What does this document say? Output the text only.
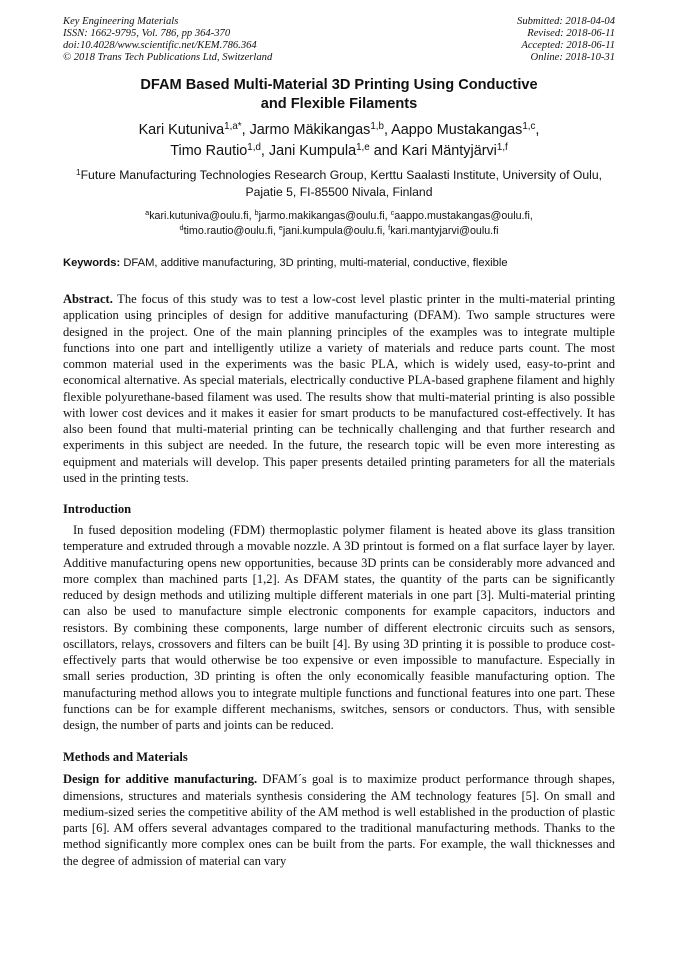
Key Engineering Materials
ISSN: 1662-9795, Vol. 786, pp 364-370
doi:10.4028/www.scientific.net/KEM.786.364
© 2018 Trans Tech Publications Ltd, Switzerland
Submitted: 2018-04-04
Revised: 2018-06-11
Accepted: 2018-06-11
Online: 2018-10-31
DFAM Based Multi-Material 3D Printing Using Conductive
and Flexible Filaments
Kari Kutuniva$^{1,a*}$, Jarmo Mäkikangas$^{1,b}$, Aappo Mustakangas$^{1,c}$,
Timo Rautio$^{1,d}$, Jani Kumpula$^{1,e}$ and Kari Mäntyjärvi$^{1,f}$
$^1$Future Manufacturing Technologies Research Group, Kerttu Saalasti Institute, University of Oulu,
Pajatie 5, FI-85500 Nivala, Finland
$^a$kari.kutuniva@oulu.fi, $^b$jarmo.makikangas@oulu.fi, $^c$aappo.mustakangas@oulu.fi,
$^d$timo.rautio@oulu.fi, $^e$jani.kumpula@oulu.fi, $^f$kari.mantyjarvi@oulu.fi
Keywords: DFAM, additive manufacturing, 3D printing, multi-material, conductive, flexible

Abstract. The focus of this study was to test a low-cost level plastic printer in the multi-material printing application using principles of design for additive manufacturing (DFAM). Two sample structures were designed in the project. One of the main planning principles of the examples was to integrate multiple functions into one part and intelligently utilize a variety of materials and reduce parts count. The most common material used in the experiments was the basic PLA, which is widely used, easy-to-print and economical alternative. As special materials, electrically conductive PLA-based graphene filament and highly flexible polyurethane-based filament was used. The results show that multi-material printing is also possible with lower cost devices and it makes it easier for smart products to be manufactured cost-effectively. It has also been found that multi-material printing can be technically challenging and that further research and experiments in this subject are needed. In the future, the research topic will be even more interesting as equipment and materials will develop. This paper presents detailed printing parameters for all the materials used in the printing tests.

Introduction

In fused deposition modeling (FDM) thermoplastic polymer filament is heated above its glass transition temperature and extruded through a movable nozzle. A 3D printout is formed on a flat surface layer by layer. Additive manufacturing opens new opportunities, because 3D prints can be considerably more advanced and more complex than machined parts [1,2]. As DFAM states, the quantity of the parts can be significantly reduced by design methods and utilizing multiple different materials in one part [3]. Multi-material printing can also be used to manufacture simple electronic components for example capacitors, inductors and resistors. By combining these components, large number of different electronic circuits such as sensors, oscillators, relays, crossovers and filters can be built [4]. By using 3D printing it is possible to produce cost-effectively parts that would otherwise be too expensive or even impossible to manufacture. Especially in small series production, 3D printing is often the only economically feasible manufacturing option. The manufacturing method allows you to integrate multiple functions and functional features into one part. These functions can be for example different mechanisms, switches, sensors or conductors. Thus, with sensible design, the number of parts and joints can be reduced.

Methods and Materials

Design for additive manufacturing. DFAM´s goal is to maximize product performance through shapes, dimensions, structures and materials synthesis considering the AM technology features [5]. On small and medium-sized series the competitive ability of the AM method is well established in the production of plastic parts [6]. AM offers several advantages compared to the traditional manufacturing methods. Thanks to the method significantly more complex ones can be built from the parts. For example, the wall thicknesses and the degree of admission of material can vary
